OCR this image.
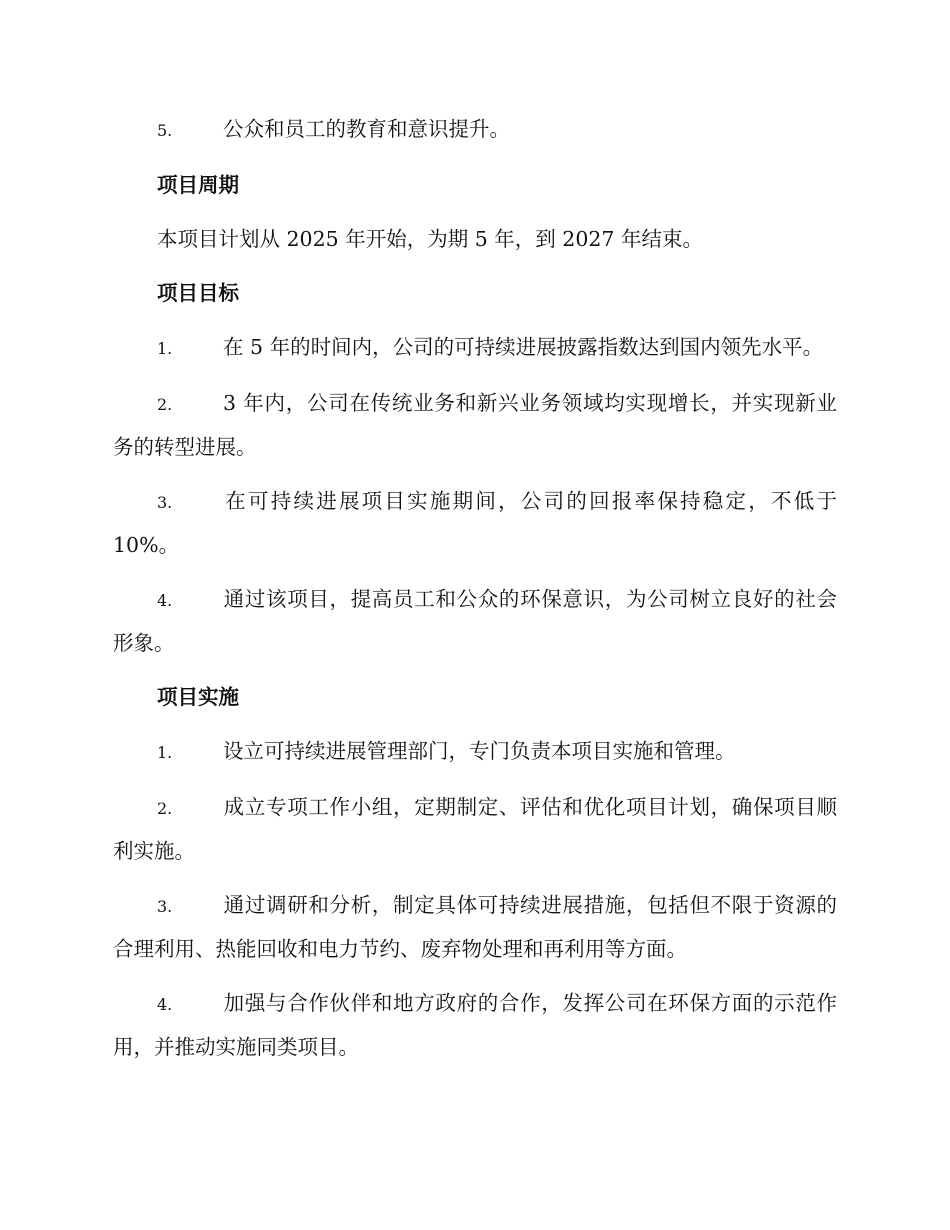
5. 公众和员工的教育和意识提升。

项目周期

本项目计划从 2025 年开始，为期 5 年，到 2027 年结束。

项目目标

1. 在 5 年的时间内，公司的可持续进展披露指数达到国内领先水平。

2. 3 年内，公司在传统业务和新兴业务领域均实现增长，并实现新业务的转型进展。

3. 在可持续进展项目实施期间，公司的回报率保持稳定，不低于 10%。

4. 通过该项目，提高员工和公众的环保意识，为公司树立良好的社会形象。

项目实施

1. 设立可持续进展管理部门，专门负责本项目实施和管理。

2. 成立专项工作小组，定期制定、评估和优化项目计划，确保项目顺利实施。

3. 通过调研和分析，制定具体可持续进展措施，包括但不限于资源的合理利用、热能回收和电力节约、废弃物处理和再利用等方面。

4. 加强与合作伙伴和地方政府的合作，发挥公司在环保方面的示范作用，并推动实施同类项目。
